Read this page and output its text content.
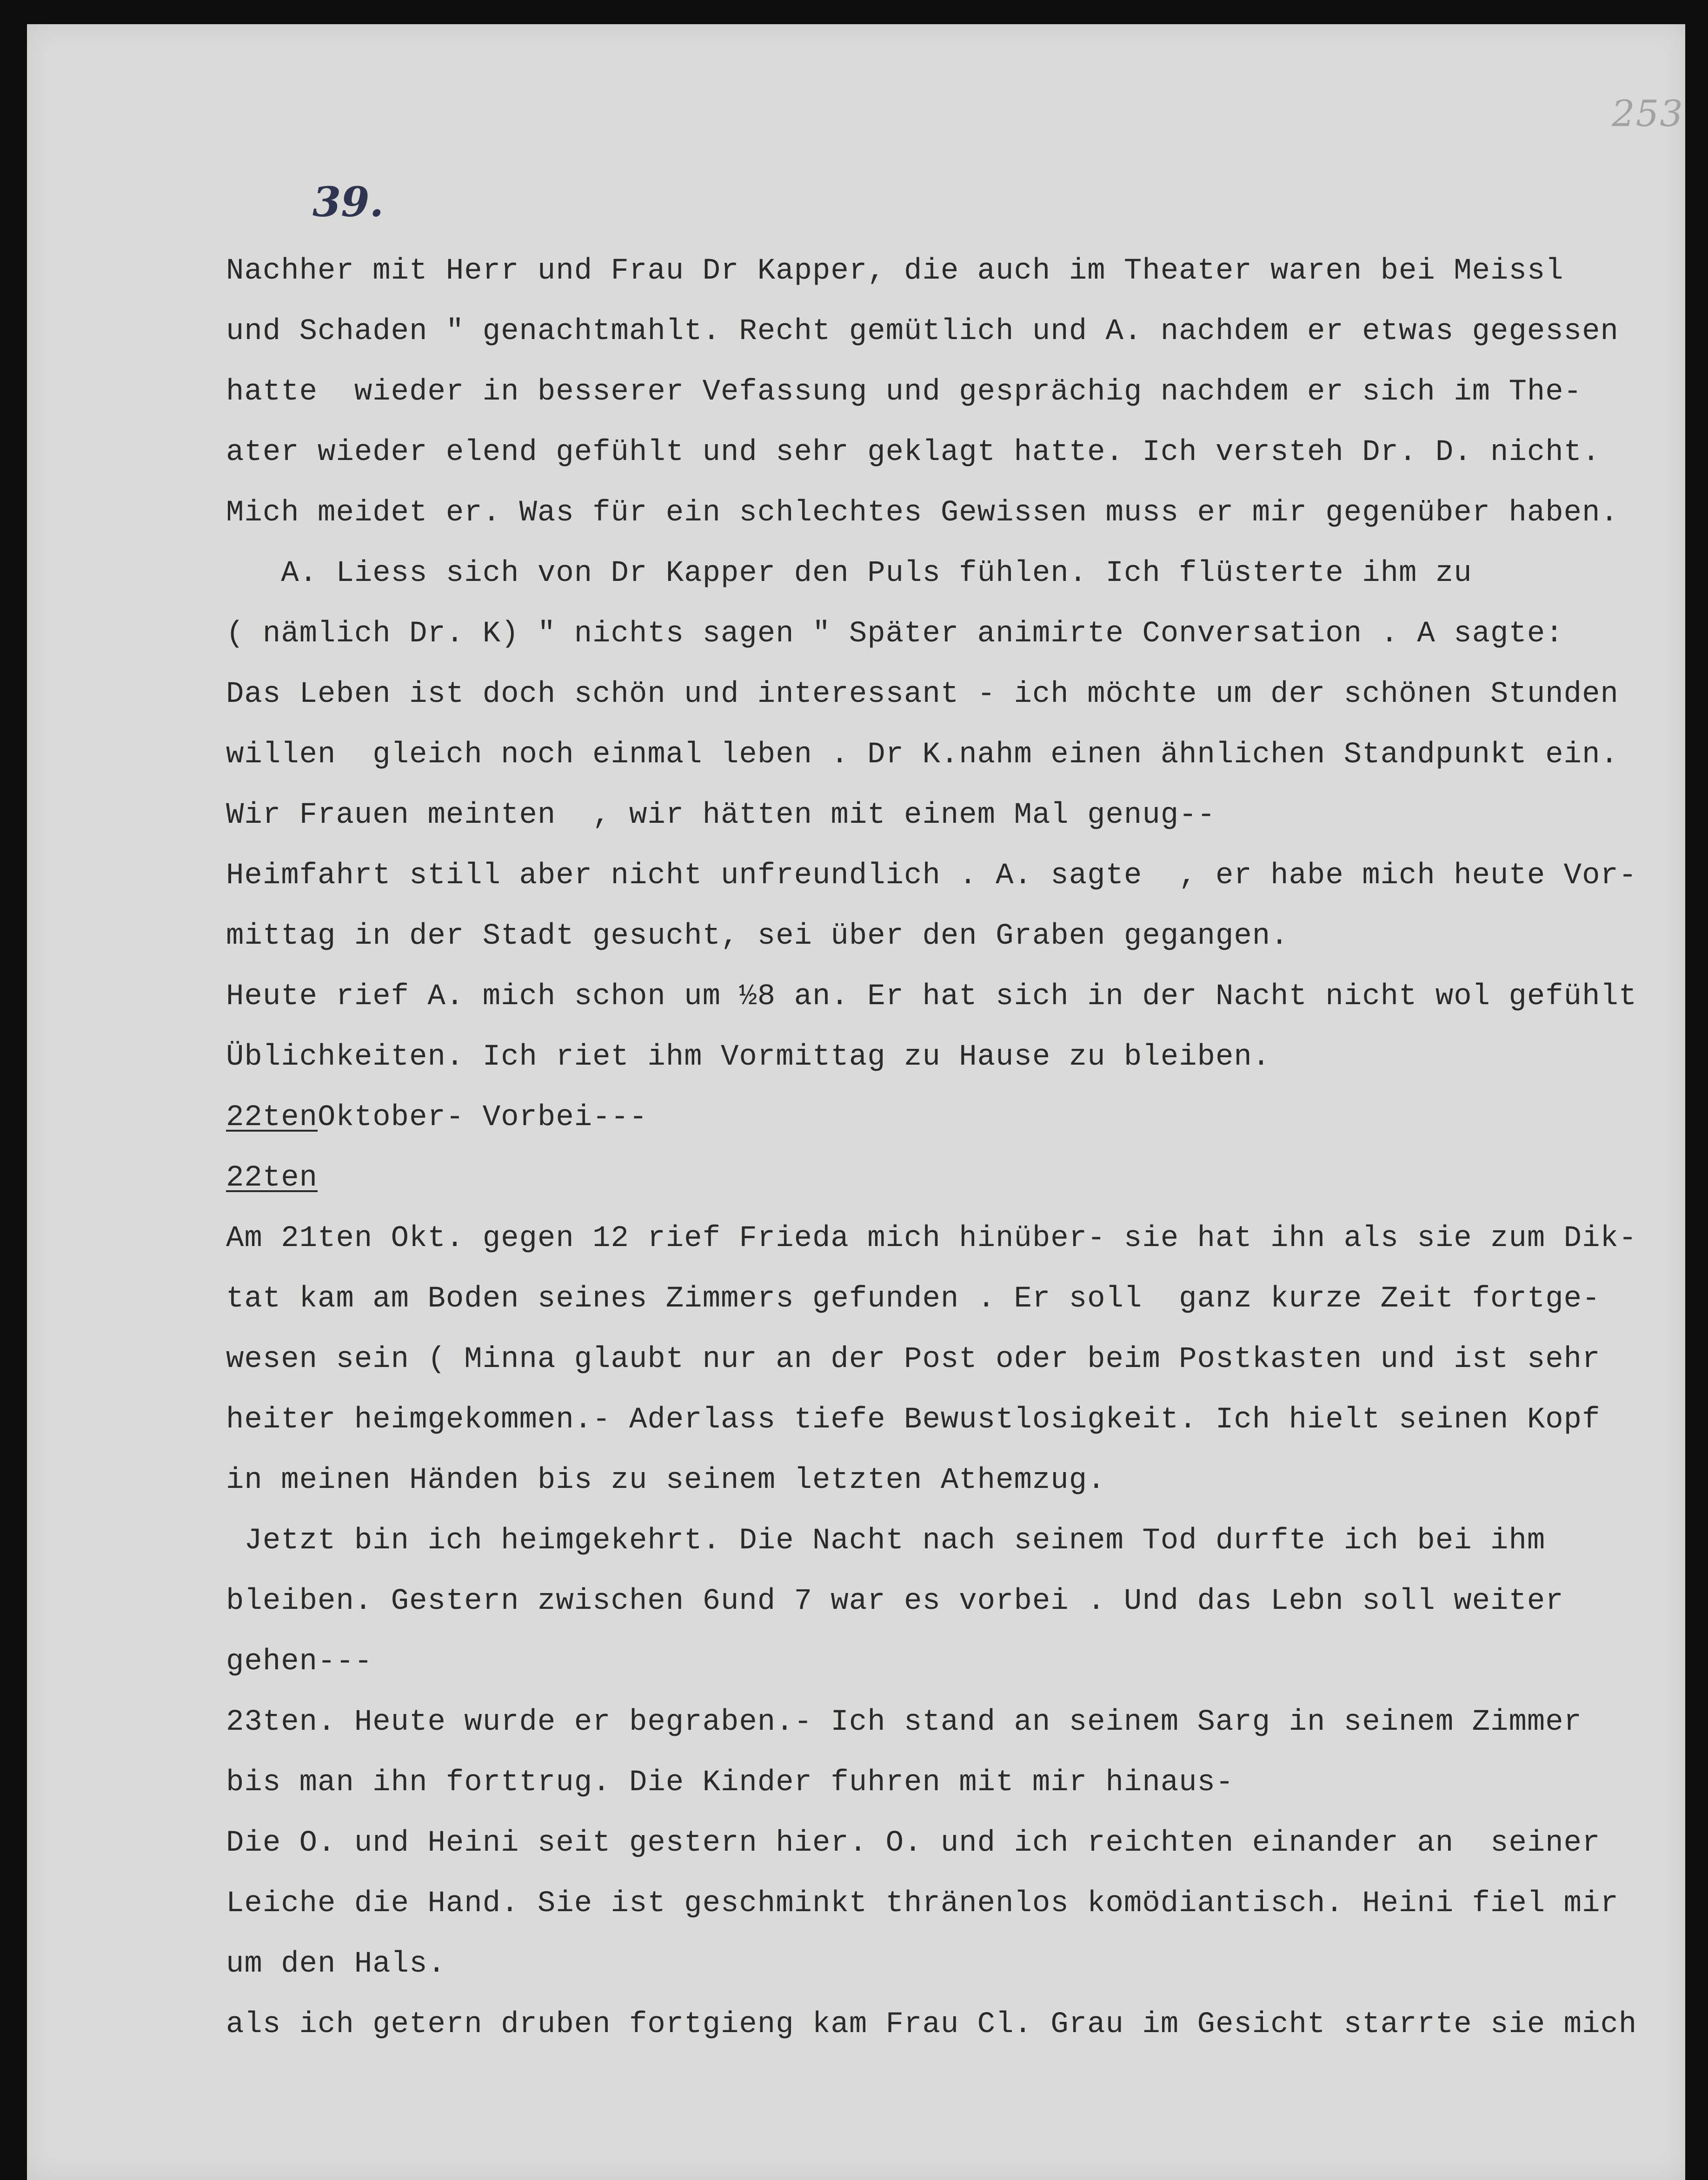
253
39.
Nachher mit Herr und Frau Dr Kapper, die auch im Theater waren bei Meissl
und Schaden " genachtmahlt. Recht gemütlich und A. nachdem er etwas gegessen
hatte  wieder in besserer Vefassung und gesprächig nachdem er sich im The-
ater wieder elend gefühlt und sehr geklagt hatte. Ich versteh Dr. D. nicht.
Mich meidet er. Was für ein schlechtes Gewissen muss er mir gegenüber haben.
A. Liess sich von Dr Kapper den Puls fühlen. Ich flüsterte ihm zu
( nämlich Dr. K) " nichts sagen " Später animirte Conversation . A sagte:
Das Leben ist doch schön und interessant - ich möchte um der schönen Stunden
willen  gleich noch einmal leben . Dr K.nahm einen ähnlichen Standpunkt ein.
Wir Frauen meinten  , wir hätten mit einem Mal genug--
Heimfahrt still aber nicht unfreundlich . A. sagte  , er habe mich heute Vor-
mittag in der Stadt gesucht, sei über den Graben gegangen.
Heute rief A. mich schon um ½8 an. Er hat sich in der Nacht nicht wol gefühlt
Üblichkeiten. Ich riet ihm Vormittag zu Hause zu bleiben.
22tenOktober- Vorbei---
22ten
Am 21ten Okt. gegen 12 rief Frieda mich hinüber- sie hat ihn als sie zum Dik-
tat kam am Boden seines Zimmers gefunden . Er soll  ganz kurze Zeit fortge-
wesen sein ( Minna glaubt nur an der Post oder beim Postkasten und ist sehr
heiter heimgekommen.- Aderlass tiefe Bewustlosigkeit. Ich hielt seinen Kopf
in meinen Händen bis zu seinem letzten Athemzug.
Jetzt bin ich heimgekehrt. Die Nacht nach seinem Tod durfte ich bei ihm
bleiben. Gestern zwischen 6und 7 war es vorbei . Und das Lebn soll weiter
gehen---
23ten. Heute wurde er begraben.- Ich stand an seinem Sarg in seinem Zimmer
bis man ihn forttrug. Die Kinder fuhren mit mir hinaus-
Die O. und Heini seit gestern hier. O. und ich reichten einander an  seiner
Leiche die Hand. Sie ist geschminkt thränenlos komödiantisch. Heini fiel mir
um den Hals.
als ich getern druben fortgieng kam Frau Cl. Grau im Gesicht starrte sie mich
